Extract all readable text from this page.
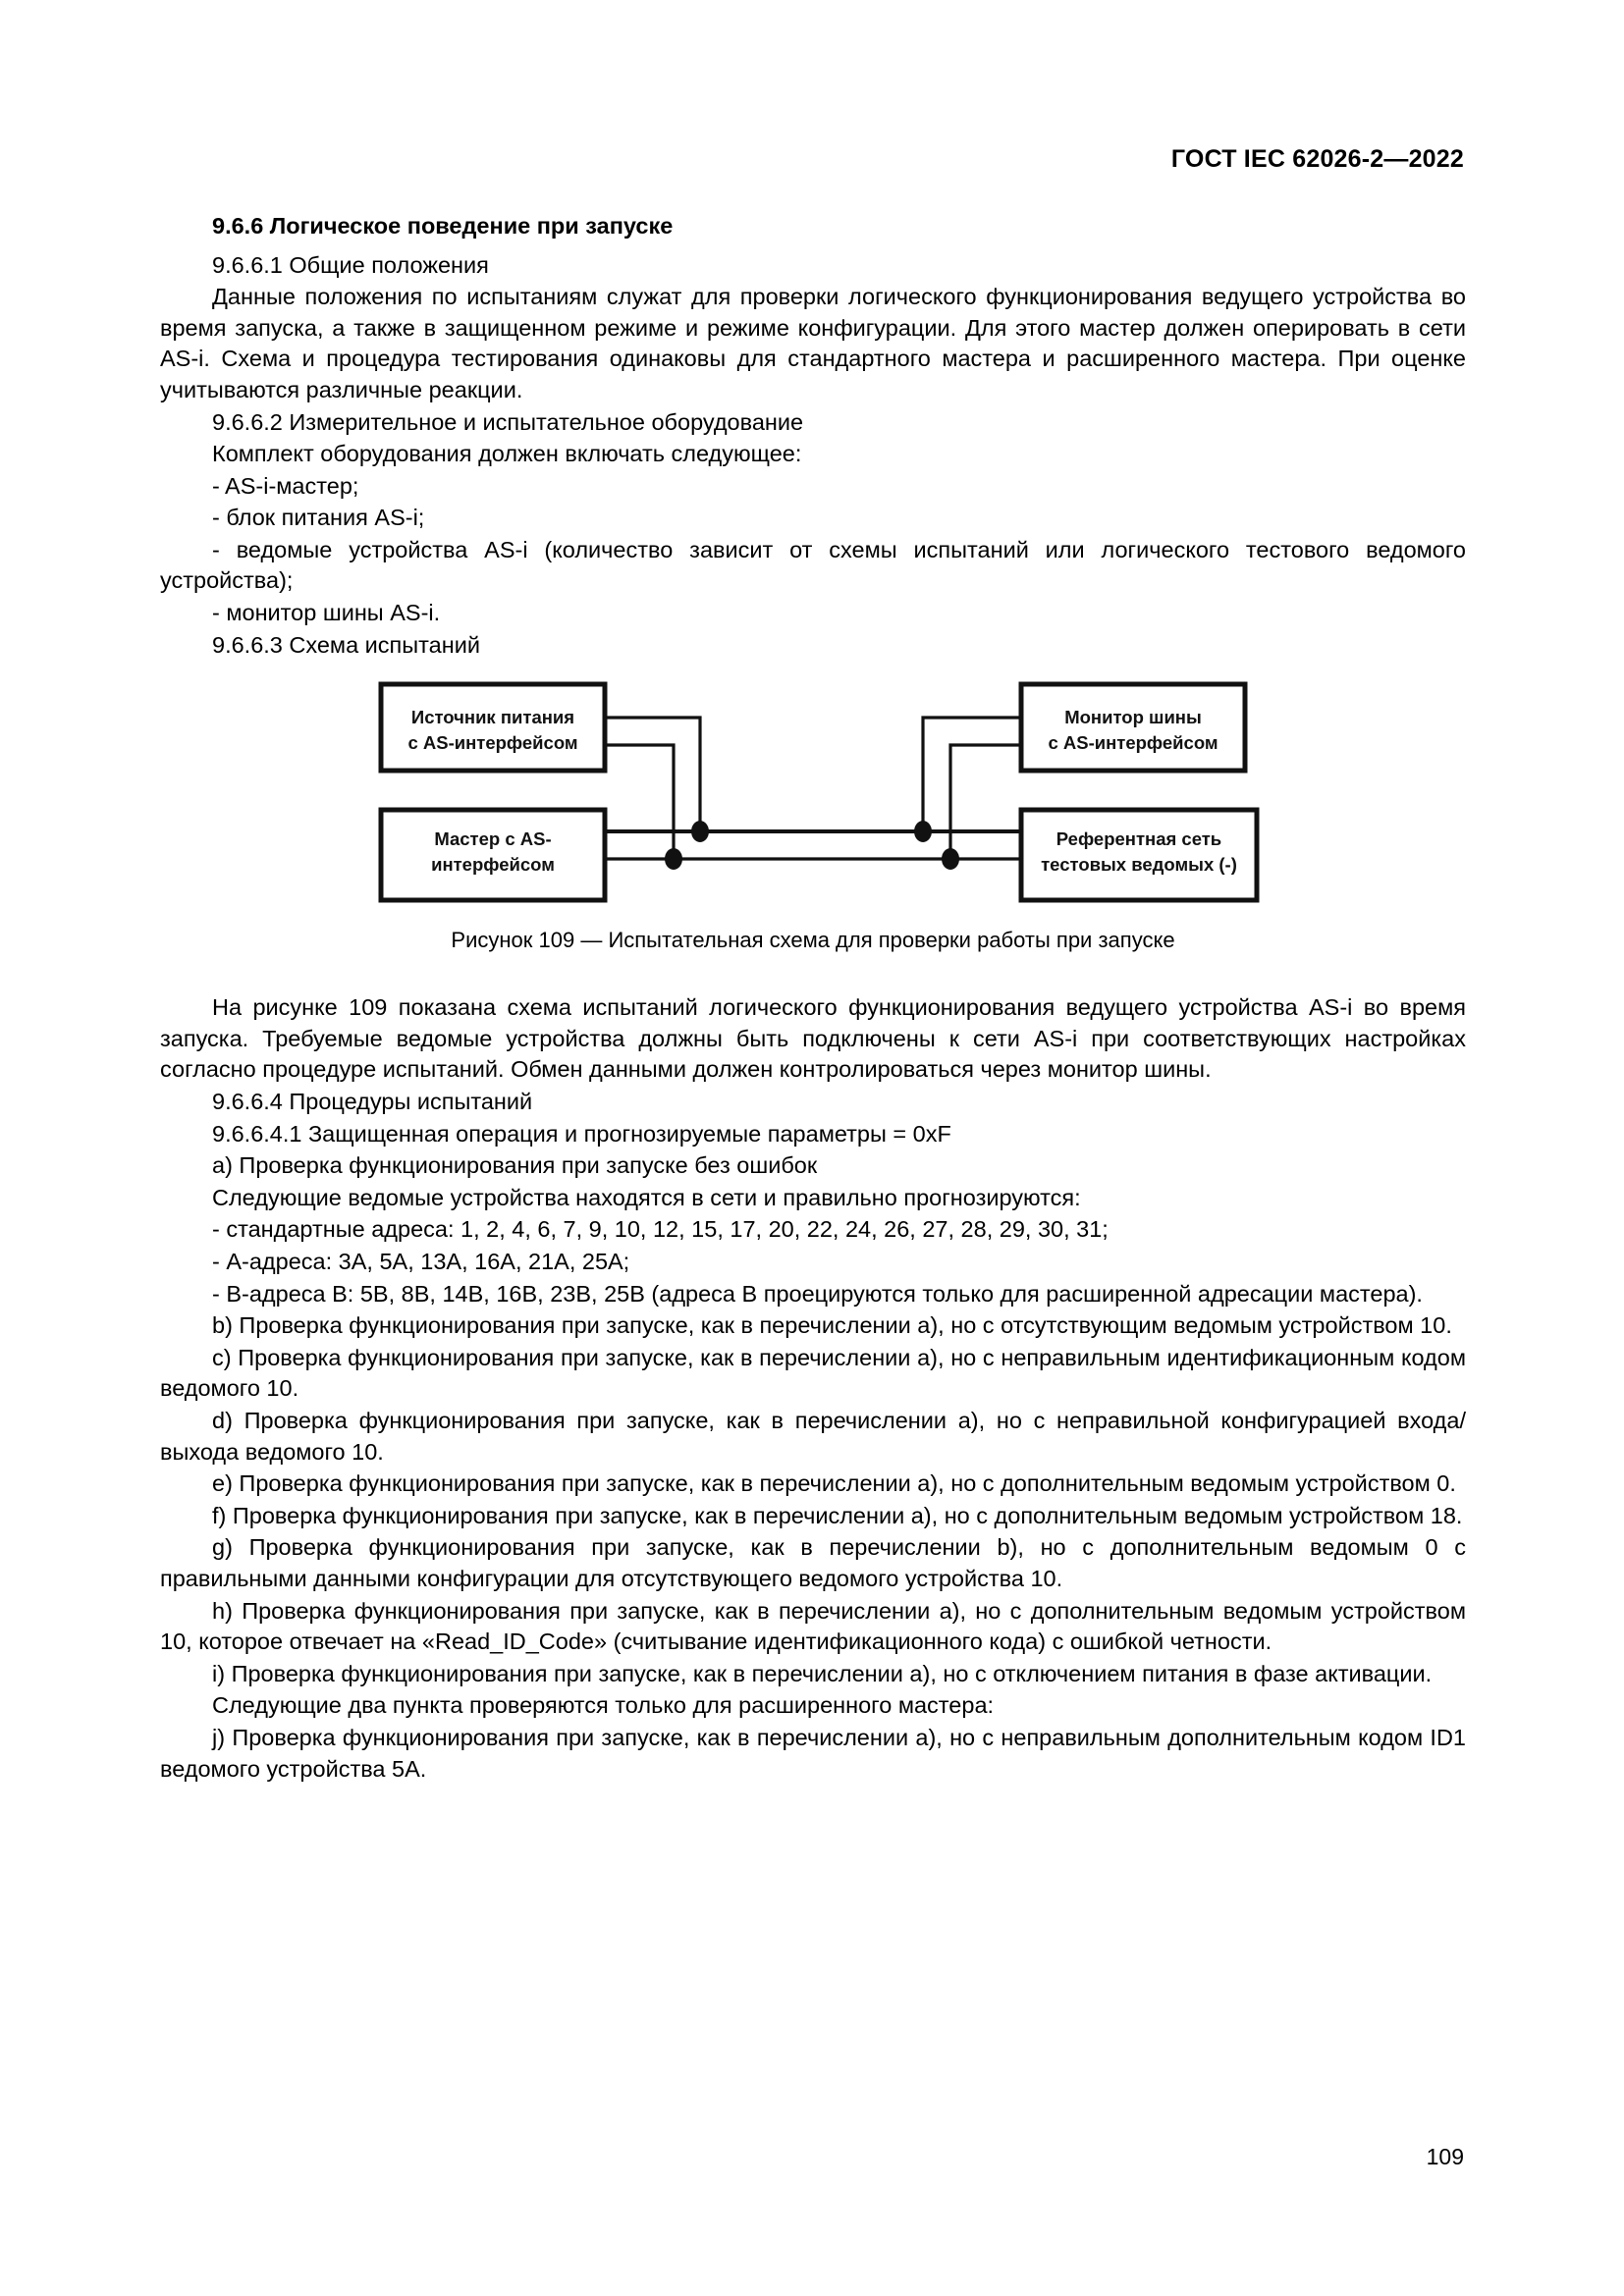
ГОСТ IEC 62026-2—2022
9.6.6 Логическое поведение при запуске

9.6.6.1 Общие положения

Данные положения по испытаниям служат для проверки логического функционирования ведущего устройства во время запуска, а также в защищенном режиме и режиме конфигурации. Для этого мастер должен оперировать в сети AS-i. Схема и процедура тестирования одинаковы для стандартного мастера и расширенного мастера. При оценке учитываются различные реакции.

9.6.6.2 Измерительное и испытательное оборудование

Комплект оборудования должен включать следующее:

- AS-i-мастер;

- блок питания AS-i;

- ведомые устройства AS-i (количество зависит от схемы испытаний или логического тестового ведомого устройства);

- монитор шины AS-i.

9.6.6.3 Схема испытаний

Источник питания
с AS-интерфейсом
Монитор шины
с AS-интерфейсом
Мастер с AS-
интерфейсом
Референтная сеть
тестовых ведомых (-)
Рисунок 109 — Испытательная схема для проверки работы при запуске

На рисунке 109 показана схема испытаний логического функционирования ведущего устройства AS-i во время запуска. Требуемые ведомые устройства должны быть подключены к сети AS-i при соответствующих настройках согласно процедуре испытаний. Обмен данными должен контролироваться через монитор шины.

9.6.6.4 Процедуры испытаний

9.6.6.4.1 Защищенная операция и прогнозируемые параметры = 0xF

a) Проверка функционирования при запуске без ошибок

Следующие ведомые устройства находятся в сети и правильно прогнозируются:

- стандартные адреса: 1, 2, 4, 6, 7, 9, 10, 12, 15, 17, 20, 22, 24, 26, 27, 28, 29, 30, 31;

- А-адреса: 3A, 5A, 13A, 16A, 21A, 25A;

- В-адреса B: 5B, 8B, 14B, 16B, 23B, 25B (адреса B проецируются только для расширенной адресации мастера).

b) Проверка функционирования при запуске, как в перечислении a), но с отсутствующим ведомым устройством 10.

c) Проверка функционирования при запуске, как в перечислении a), но с неправильным идентификационным кодом ведомого 10.

d) Проверка функционирования при запуске, как в перечислении a), но с неправильной конфигурацией входа/выхода ведомого 10.

e) Проверка функционирования при запуске, как в перечислении a), но с дополнительным ведомым устройством 0.

f) Проверка функционирования при запуске, как в перечислении a), но с дополнительным ведомым устройством 18.

g) Проверка функционирования при запуске, как в перечислении b), но с дополнительным ведомым 0 с правильными данными конфигурации для отсутствующего ведомого устройства 10.

h) Проверка функционирования при запуске, как в перечислении a), но с дополнительным ведомым устройством 10, которое отвечает на «Read_ID_Code» (считывание идентификационного кода) с ошибкой четности.

i) Проверка функционирования при запуске, как в перечислении a), но с отключением питания в фазе активации.

Следующие два пункта проверяются только для расширенного мастера:

j) Проверка функционирования при запуске, как в перечислении a), но с неправильным дополнительным кодом ID1 ведомого устройства 5A.

109
